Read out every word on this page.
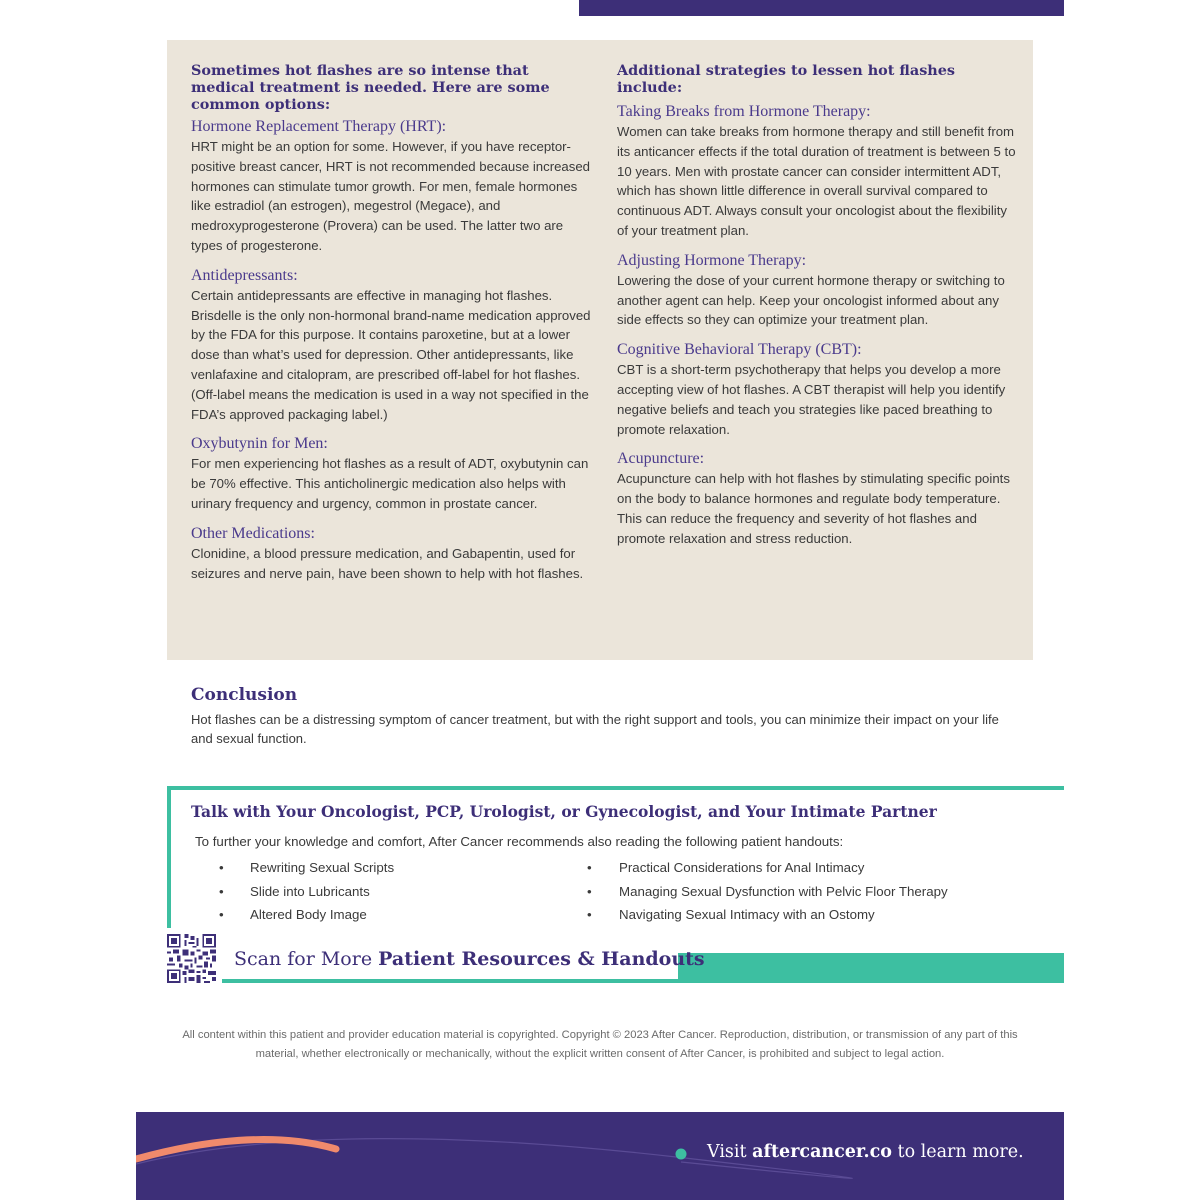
Sometimes hot flashes are so intense that medical treatment is needed. Here are some common options:
Hormone Replacement Therapy (HRT):
HRT might be an option for some. However, if you have receptor-positive breast cancer, HRT is not recommended because increased hormones can stimulate tumor growth. For men, female hormones like estradiol (an estrogen), megestrol (Megace), and medroxyprogesterone (Provera) can be used. The latter two are types of progesterone.
Antidepressants:
Certain antidepressants are effective in managing hot flashes. Brisdelle is the only non-hormonal brand-name medication approved by the FDA for this purpose. It contains paroxetine, but at a lower dose than what’s used for depression. Other antidepressants, like venlafaxine and citalopram, are prescribed off-label for hot flashes. (Off-label means the medication is used in a way not specified in the FDA’s approved packaging label.)
Oxybutynin for Men:
For men experiencing hot flashes as a result of ADT, oxybutynin can be 70% effective. This anticholinergic medication also helps with urinary frequency and urgency, common in prostate cancer.
Other Medications:
Clonidine, a blood pressure medication, and Gabapentin, used for seizures and nerve pain, have been shown to help with hot flashes.
Additional strategies to lessen hot flashes include:
Taking Breaks from Hormone Therapy:
Women can take breaks from hormone therapy and still benefit from its anticancer effects if the total duration of treatment is between 5 to 10 years. Men with prostate cancer can consider intermittent ADT, which has shown little difference in overall survival compared to continuous ADT. Always consult your oncologist about the flexibility of your treatment plan.
Adjusting Hormone Therapy:
Lowering the dose of your current hormone therapy or switching to another agent can help. Keep your oncologist informed about any side effects so they can optimize your treatment plan.
Cognitive Behavioral Therapy (CBT):
CBT is a short-term psychotherapy that helps you develop a more accepting view of hot flashes. A CBT therapist will help you identify negative beliefs and teach you strategies like paced breathing to promote relaxation.
Acupuncture:
Acupuncture can help with hot flashes by stimulating specific points on the body to balance hormones and regulate body temperature. This can reduce the frequency and severity of hot flashes and promote relaxation and stress reduction.
Conclusion
Hot flashes can be a distressing symptom of cancer treatment, but with the right support and tools, you can minimize their impact on your life and sexual function.
Talk with Your Oncologist, PCP, Urologist, or Gynecologist, and Your Intimate Partner
To further your knowledge and comfort, After Cancer recommends also reading the following patient handouts:
• Rewriting Sexual Scripts
• Slide into Lubricants
• Altered Body Image
• Practical Considerations for Anal Intimacy
• Managing Sexual Dysfunction with Pelvic Floor Therapy
• Navigating Sexual Intimacy with an Ostomy
Scan for More Patient Resources & Handouts
All content within this patient and provider education material is copyrighted. Copyright © 2023 After Cancer. Reproduction, distribution, or transmission of any part of this material, whether electronically or mechanically, without the explicit written consent of After Cancer, is prohibited and subject to legal action.
Visit aftercancer.co to learn more.
